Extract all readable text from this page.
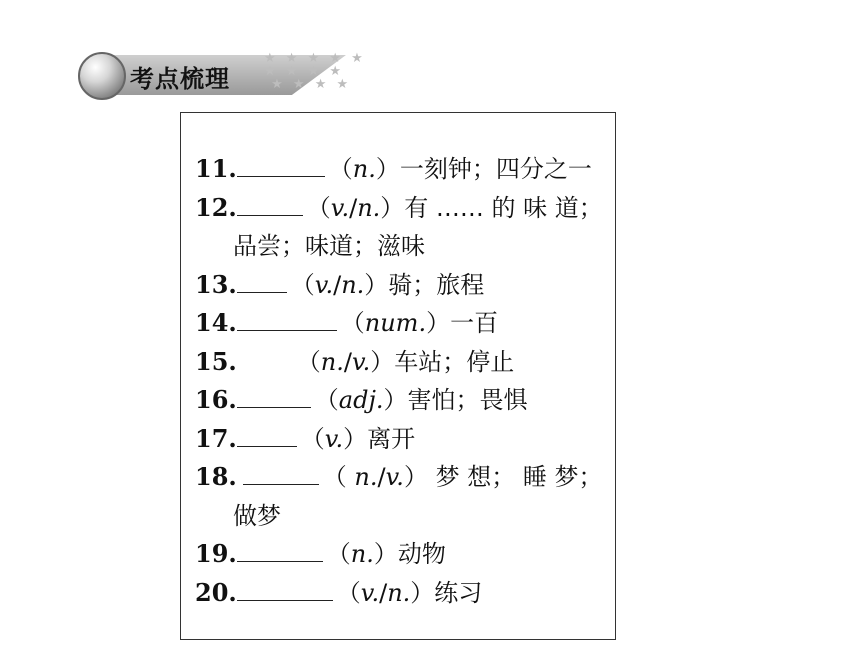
考点梳理
★ ★ ★ ★ ★
★ ★ ★ ★
★ ★ ★ ★
11.	（n.）一刻钟；四分之一
12.	（v./n.）有 …… 的 味 道；
品尝；味道；滋味
13. （v./n.）骑；旅程
14.	（num.）一百
15.	（n./v.）车站；停止
16.	（adj.）害怕；畏惧
17.	（v.）离开
18.	（ n./v.） 梦 想； 睡 梦；
做梦
19.	（n.）动物
20.	（v./n.）练习
